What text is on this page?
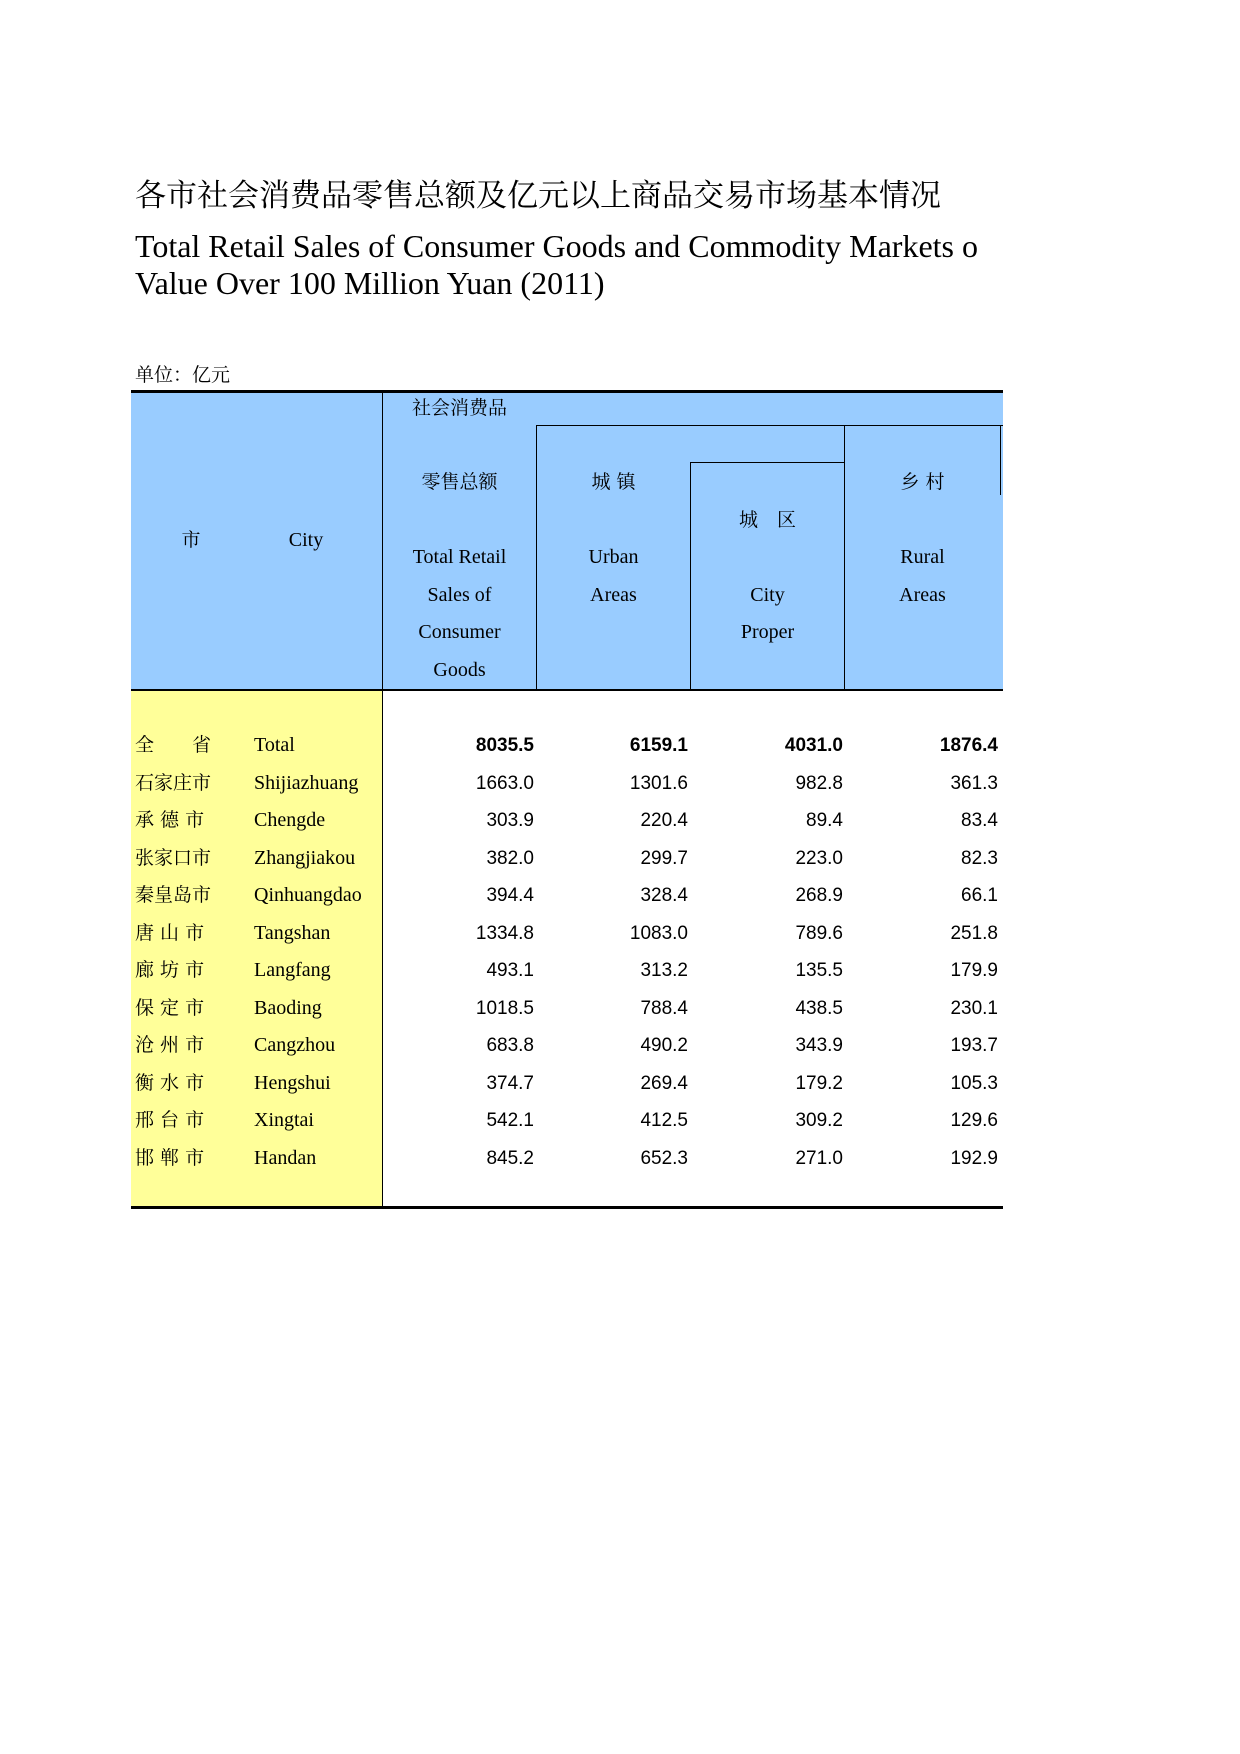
各市社会消费品零售总额及亿元以上商品交易市场基本情况
Total Retail Sales of Consumer Goods and Commodity Markets o
Value Over 100 Million Yuan (2011)
单位：亿元
市	City
社会消费品
零售总额
Total Retail
Sales of
Consumer
Goods
城 镇
Urban
Areas
城　区
City
Proper
乡 村
Rural
Areas
全　　省 Total	8035.5	6159.1	4031.0	1876.4
石家庄市 Shijiazhuang	1663.0	1301.6	982.8	361.3
承 德 市 Chengde	303.9	220.4	89.4	83.4
张家口市 Zhangjiakou	382.0	299.7	223.0	82.3
秦皇岛市 Qinhuangdao	394.4	328.4	268.9	66.1
唐 山 市 Tangshan	1334.8	1083.0	789.6	251.8
廊 坊 市 Langfang	493.1	313.2	135.5	179.9
保 定 市 Baoding	1018.5	788.4	438.5	230.1
沧 州 市 Cangzhou	683.8	490.2	343.9	193.7
衡 水 市 Hengshui	374.7	269.4	179.2	105.3
邢 台 市 Xingtai	542.1	412.5	309.2	129.6
邯 郸 市 Handan	845.2	652.3	271.0	192.9
